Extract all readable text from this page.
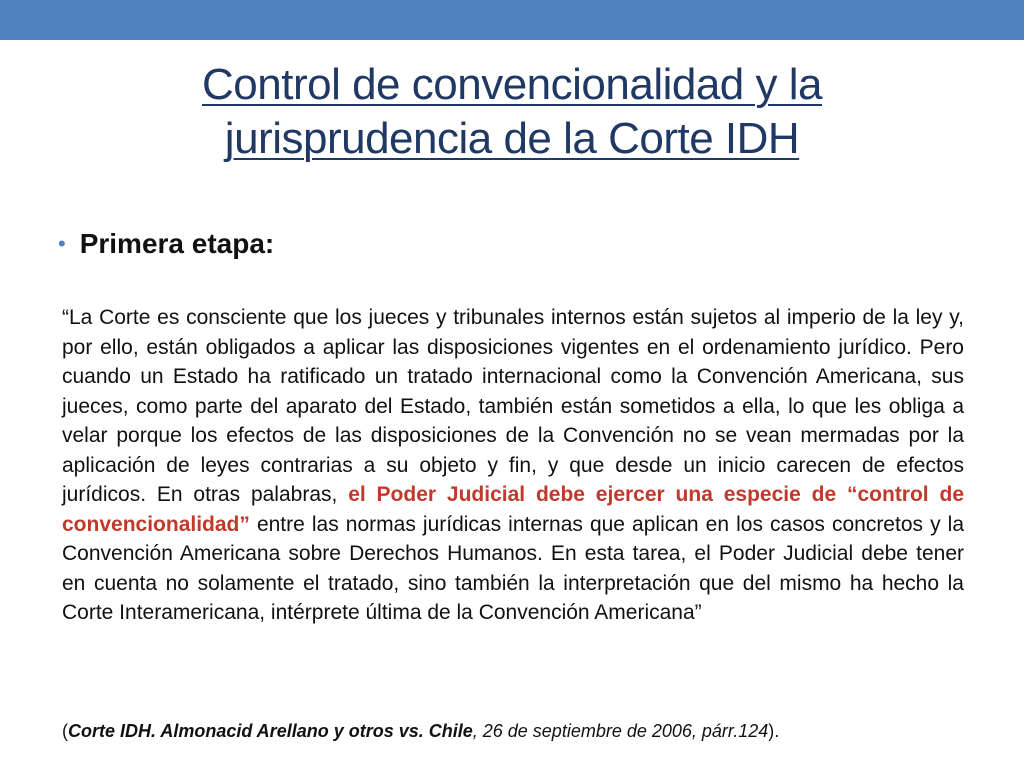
Control de convencionalidad y la
jurisprudencia de la Corte IDH
• Primera etapa:

“La Corte es consciente que los jueces y tribunales internos están sujetos al imperio de la ley y, por ello, están obligados a aplicar las disposiciones vigentes en el ordenamiento jurídico. Pero cuando un Estado ha ratificado un tratado internacional como la Convención Americana, sus jueces, como parte del aparato del Estado, también están sometidos a ella, lo que les obliga a velar porque los efectos de las disposiciones de la Convención no se vean mermadas por la aplicación de leyes contrarias a su objeto y fin, y que desde un inicio carecen de efectos jurídicos. En otras palabras, el Poder Judicial debe ejercer una especie de “control de convencionalidad” entre las normas jurídicas internas que aplican en los casos concretos y la Convención Americana sobre Derechos Humanos. En esta tarea, el Poder Judicial debe tener en cuenta no solamente el tratado, sino también la interpretación que del mismo ha hecho la Corte Interamericana, intérprete última de la Convención Americana”

(Corte IDH. Almonacid Arellano y otros vs. Chile, 26 de septiembre de 2006, párr.124).
